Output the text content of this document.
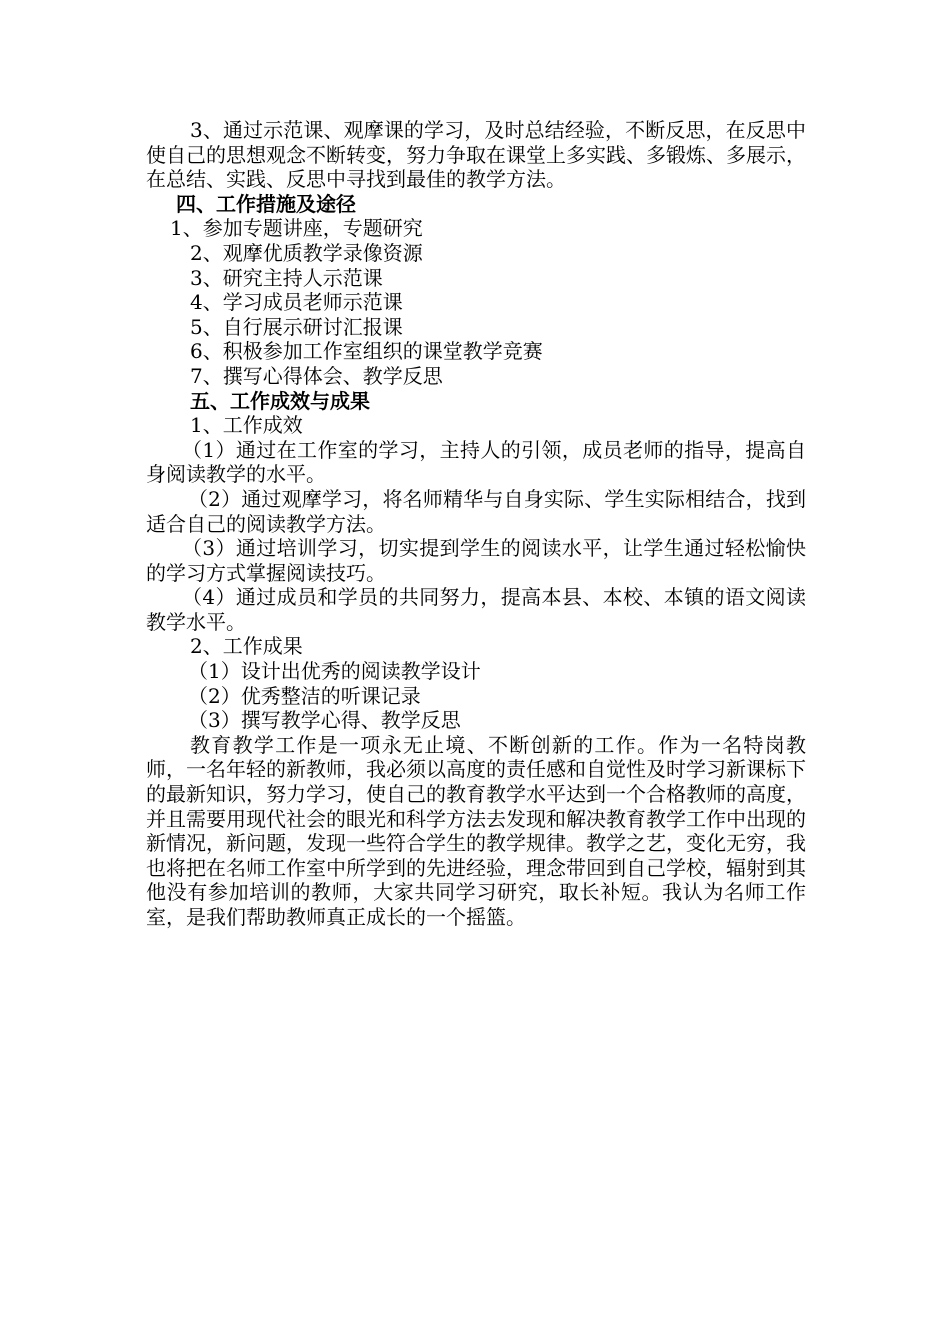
3、通过示范课、观摩课的学习，及时总结经验，不断反思，在反思中使自己的思想观念不断转变，努力争取在课堂上多实践、多锻炼、多展示，在总结、实践、反思中寻找到最佳的教学方法。

四、工作措施及途径

1、参加专题讲座，专题研究

2、观摩优质教学录像资源

3、研究主持人示范课

4、学习成员老师示范课

5、自行展示研讨汇报课

6、积极参加工作室组织的课堂教学竞赛

7、撰写心得体会、教学反思

五、工作成效与成果

1、工作成效

（1）通过在工作室的学习，主持人的引领，成员老师的指导，提高自身阅读教学的水平。

（2）通过观摩学习，将名师精华与自身实际、学生实际相结合，找到适合自己的阅读教学方法。

（3）通过培训学习，切实提到学生的阅读水平，让学生通过轻松愉快的学习方式掌握阅读技巧。

（4）通过成员和学员的共同努力，提高本县、本校、本镇的语文阅读教学水平。

2、工作成果

（1）设计出优秀的阅读教学设计

（2）优秀整洁的听课记录

（3）撰写教学心得、教学反思

教育教学工作是一项永无止境、不断创新的工作。作为一名特岗教师，一名年轻的新教师，我必须以高度的责任感和自觉性及时学习新课标下的最新知识，努力学习，使自己的教育教学水平达到一个合格教师的高度，并且需要用现代社会的眼光和科学方法去发现和解决教育教学工作中出现的新情况，新问题，发现一些符合学生的教学规律。教学之艺，变化无穷，我也将把在名师工作室中所学到的先进经验，理念带回到自己学校，辐射到其他没有参加培训的教师，大家共同学习研究，取长补短。我认为名师工作室，是我们帮助教师真正成长的一个摇篮。
